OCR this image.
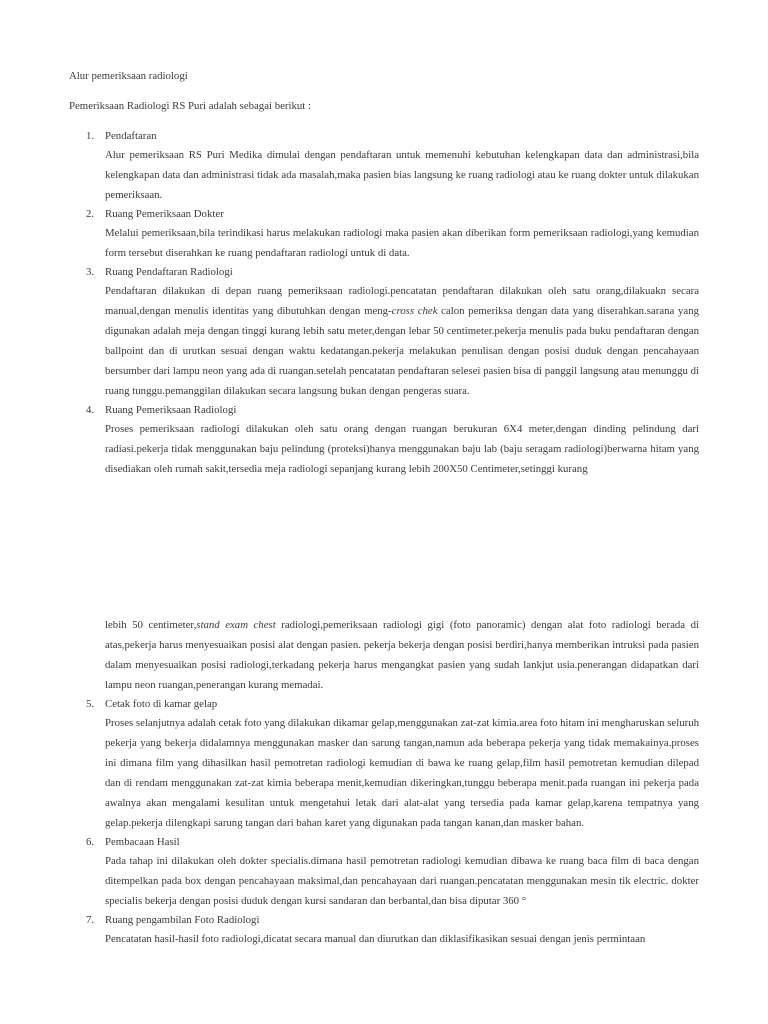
Alur pemeriksaan radiologi
Pemeriksaan Radiologi RS Puri adalah sebagai berikut :
1. Pendaftaran
Alur pemeriksaan RS Puri Medika dimulai dengan pendaftaran untuk memenuhi kebutuhan kelengkapan data dan administrasi,bila kelengkapan data dan administrasi tidak ada masalah,maka pasien bias langsung ke ruang radiologi atau ke ruang dokter untuk dilakukan pemeriksaan.
2. Ruang Pemeriksaan Dokter
Melalui pemeriksaan,bila terindikasi harus melakukan radiologi maka pasien akan diberikan form pemeriksaan radiologi,yang kemudian form tersebut diserahkan ke ruang pendaftaran radiologi untuk di data.
3. Ruang Pendaftaran Radiologi
Pendaftaran dilakukan di depan ruang pemeriksaan radiologi.pencatatan pendaftaran dilakukan oleh satu orang,dilakuakn secara manual,dengan menulis identitas yang dibutuhkan dengan meng-cross chek calon pemeriksa dengan data yang diserahkan.sarana yang digunakan adalah meja dengan tinggi kurang lebih satu meter,dengan lebar 50 centimeter.pekerja menulis pada buku pendaftaran dengan ballpoint dan di urutkan sesuai dengan waktu kedatangan.pekerja melakukan penulisan dengan posisi duduk dengan pencahayaan bersumber dari lampu neon yang ada di ruangan.setelah pencatatan pendaftaran selesei pasien bisa di panggil langsung atau menunggu di ruang tunggu.pemanggilan dilakukan secara langsung bukan dengan pengeras suara.
4. Ruang Pemeriksaan Radiologi
Proses pemeriksaan radiologi dilakukan oleh satu orang dengan ruangan berukuran 6X4 meter,dengan dinding pelindung dari radiasi.pekerja tidak menggunakan baju pelindung (proteksi)hanya menggunakan baju lab (baju seragam radiologi)berwarna hitam yang disediakan oleh rumah sakit,tersedia meja radiologi sepanjang kurang lebih 200X50 Centimeter,setinggi kurang
lebih 50 centimeter,stand exam chest radiologi,pemeriksaan radiologi gigi (foto panoramic) dengan alat foto radiologi berada di atas,pekerja harus menyesuaikan posisi alat dengan pasien. pekerja bekerja dengan posisi berdiri,hanya memberikan intruksi pada pasien dalam menyesuaikan posisi radiologi,terkadang pekerja harus mengangkat pasien yang sudah lankjut usia.penerangan didapatkan dari lampu neon ruangan,penerangan kurang memadai.
5. Cetak foto di kamar gelap
Proses selanjutnya adalah cetak foto yang dilakukan dikamar gelap,menggunakan zat-zat kimia.area foto hitam ini mengharuskan seluruh pekerja yang bekerja didalamnya menggunakan masker dan sarung tangan,namun ada beberapa pekerja yang tidak memakainya.proses ini dimana film yang dihasilkan hasil pemotretan radiologi kemudian di bawa ke ruang gelap,film hasil pemotretan kemudian dilepad dan di rendam menggunakan zat-zat kimia beberapa menit,kemudian dikeringkan,tunggu beberapa menit.pada ruangan ini pekerja pada awalnya akan mengalami kesulitan untuk mengetahui letak dari alat-alat yang tersedia pada kamar gelap,karena tempatnya yang gelap.pekerja dilengkapi sarung tangan dari bahan karet yang digunakan pada tangan kanan,dan masker bahan.
6. Pembacaan Hasil
Pada tahap ini dilakukan oleh dokter specialis.dimana hasil pemotretan radiologi kemudian dibawa ke ruang baca film di baca dengan ditempelkan pada box dengan pencahayaan maksimal,dan pencahayaan dari ruangan.pencatatan menggunakan mesin tik electric. dokter specialis bekerja dengan posisi duduk dengan kursi sandaran dan berbantal,dan bisa diputar 360 °
7. Ruang pengambilan Foto Radiologi
Pencatatan hasil-hasil foto radiologi,dicatat secara manual dan diurutkan dan diklasifikasikan sesuai dengan jenis permintaan
